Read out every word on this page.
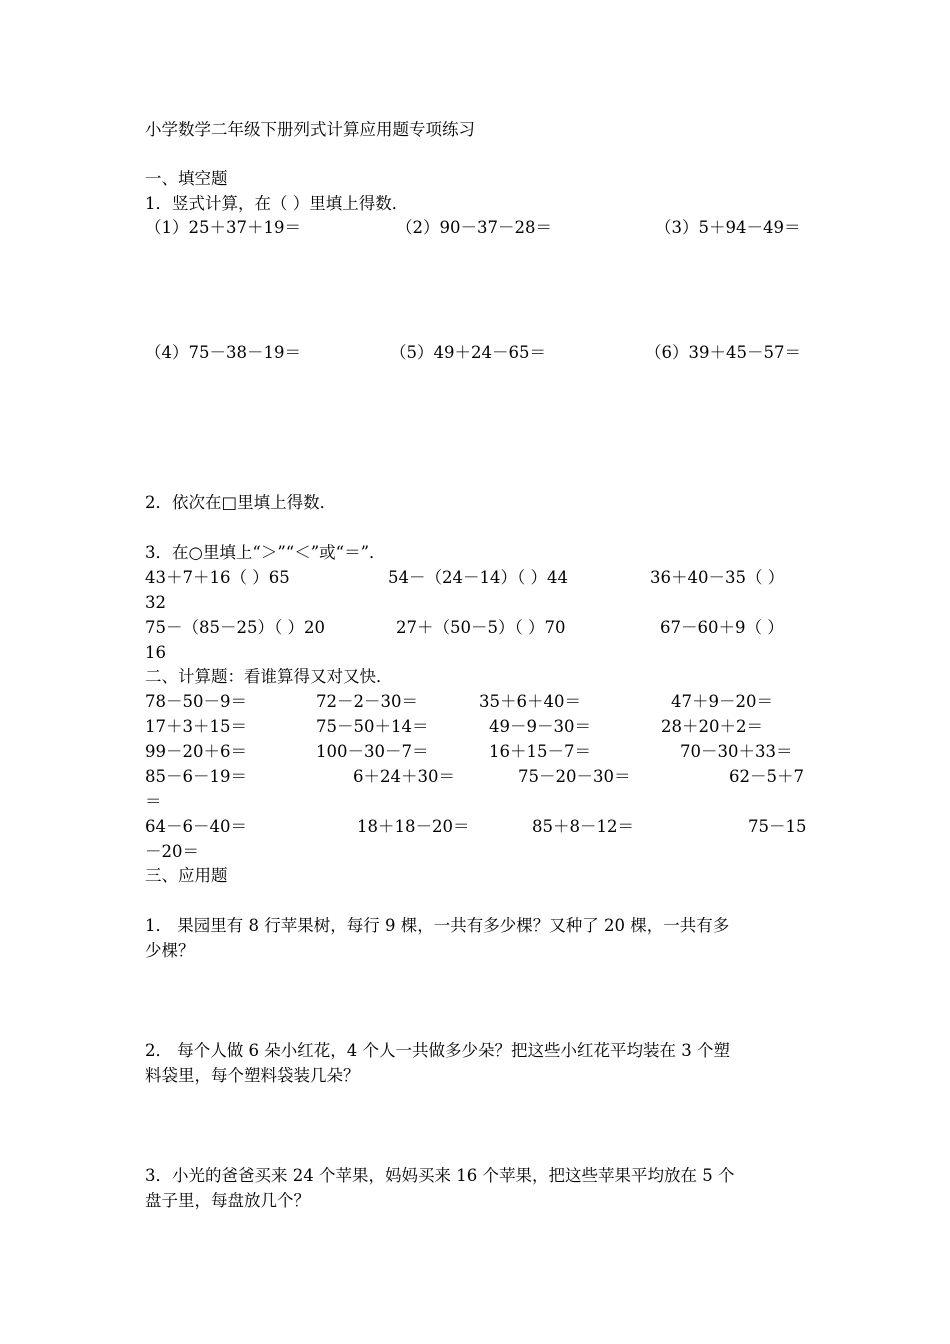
小学数学二年级下册列式计算应用题专项练习
一、填空题
1．竖式计算，在（ ）里填上得数．
（1）25＋37＋19＝	（2）90－37－28＝	（3）5＋94－49＝
（4）75－38－19＝	（5）49＋24－65＝	（6）39＋45－57＝
2．依次在□里填上得数．
3．在○里填上“＞”“＜”或“＝”．
43＋7＋16（ ）65	54－（24－14）（ ）44	36＋40－35（ ）
32
75－（85－25）（ ）20	27＋（50－5）（ ）70	67－60＋9（ ）
16
二、计算题：看谁算得又对又快．
78－50－9＝	72－2－30＝	35＋6＋40＝	47＋9－20＝
17＋3＋15＝	75－50＋14＝	49－9－30＝	28＋20＋2＝
99－20＋6＝	100－30－7＝	16＋15－7＝	70－30＋33＝
85－6－19＝	6＋24＋30＝	75－20－30＝	62－5＋7
＝
64－6－40＝	18＋18－20＝	85＋8－12＝	75－15
－20＝
三、应用题
1． 果园里有 8 行苹果树，每行 9 棵，一共有多少棵？又种了 20 棵，一共有多
少棵？
2． 每个人做 6 朵小红花，4 个人一共做多少朵？把这些小红花平均装在 3 个塑
料袋里，每个塑料袋装几朵？
3．小光的爸爸买来 24 个苹果，妈妈买来 16 个苹果，把这些苹果平均放在 5 个
盘子里，每盘放几个？
